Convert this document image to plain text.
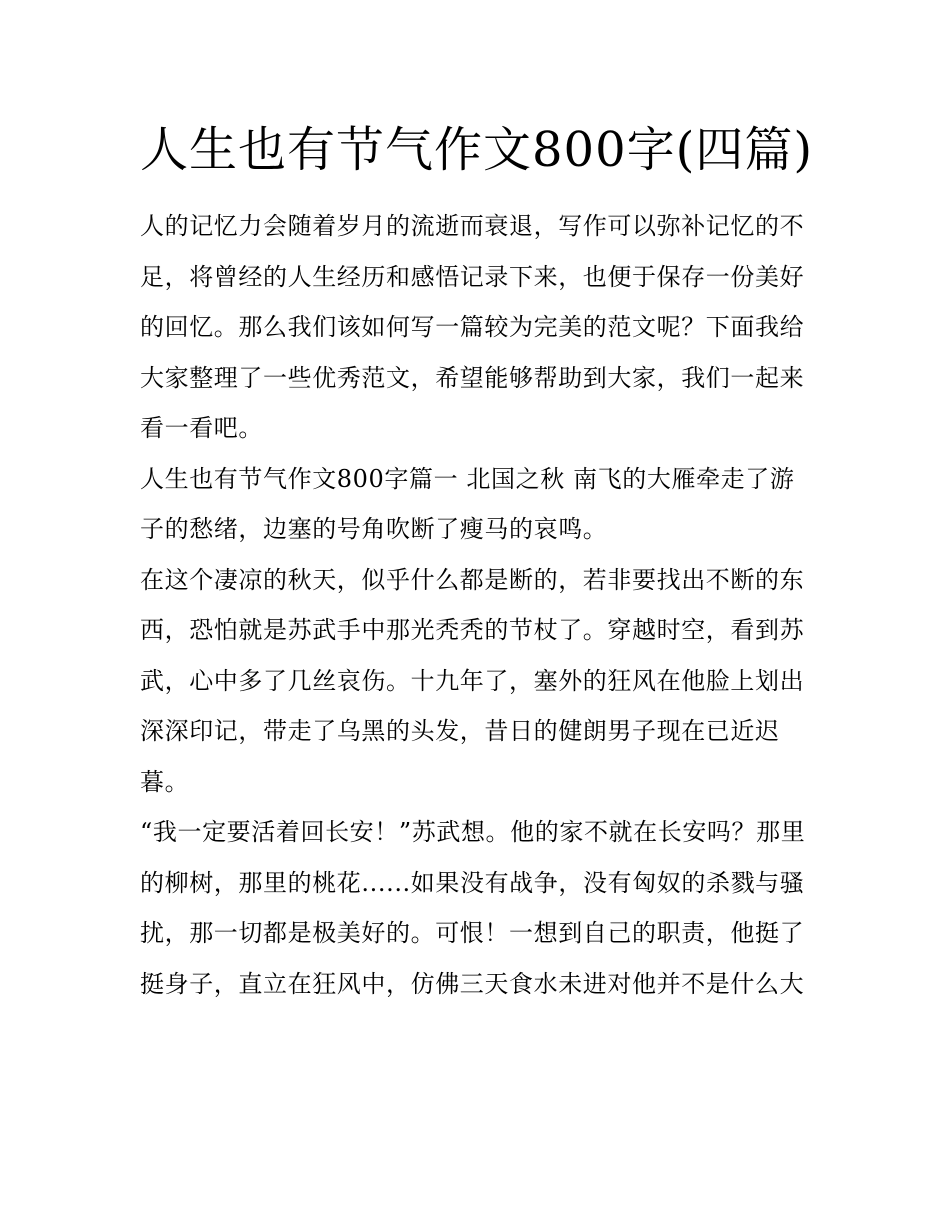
人生也有节气作文800字(四篇)

人的记忆力会随着岁月的流逝而衰退，写作可以弥补记忆的不足，将曾经的人生经历和感悟记录下来，也便于保存一份美好的回忆。那么我们该如何写一篇较为完美的范文呢？下面我给大家整理了一些优秀范文，希望能够帮助到大家，我们一起来看一看吧。

人生也有节气作文800字篇一 北国之秋 南飞的大雁牵走了游子的愁绪，边塞的号角吹断了瘦马的哀鸣。

在这个凄凉的秋天，似乎什么都是断的，若非要找出不断的东西，恐怕就是苏武手中那光秃秃的节杖了。穿越时空，看到苏武，心中多了几丝哀伤。十九年了，塞外的狂风在他脸上划出深深印记，带走了乌黑的头发，昔日的健朗男子现在已近迟暮。

“我一定要活着回长安！”苏武想。他的家不就在长安吗？那里的柳树，那里的桃花......如果没有战争，没有匈奴的杀戮与骚扰，那一切都是极美好的。可恨！一想到自己的职责，他挺了挺身子，直立在狂风中，仿佛三天食水未进对他并不是什么大
